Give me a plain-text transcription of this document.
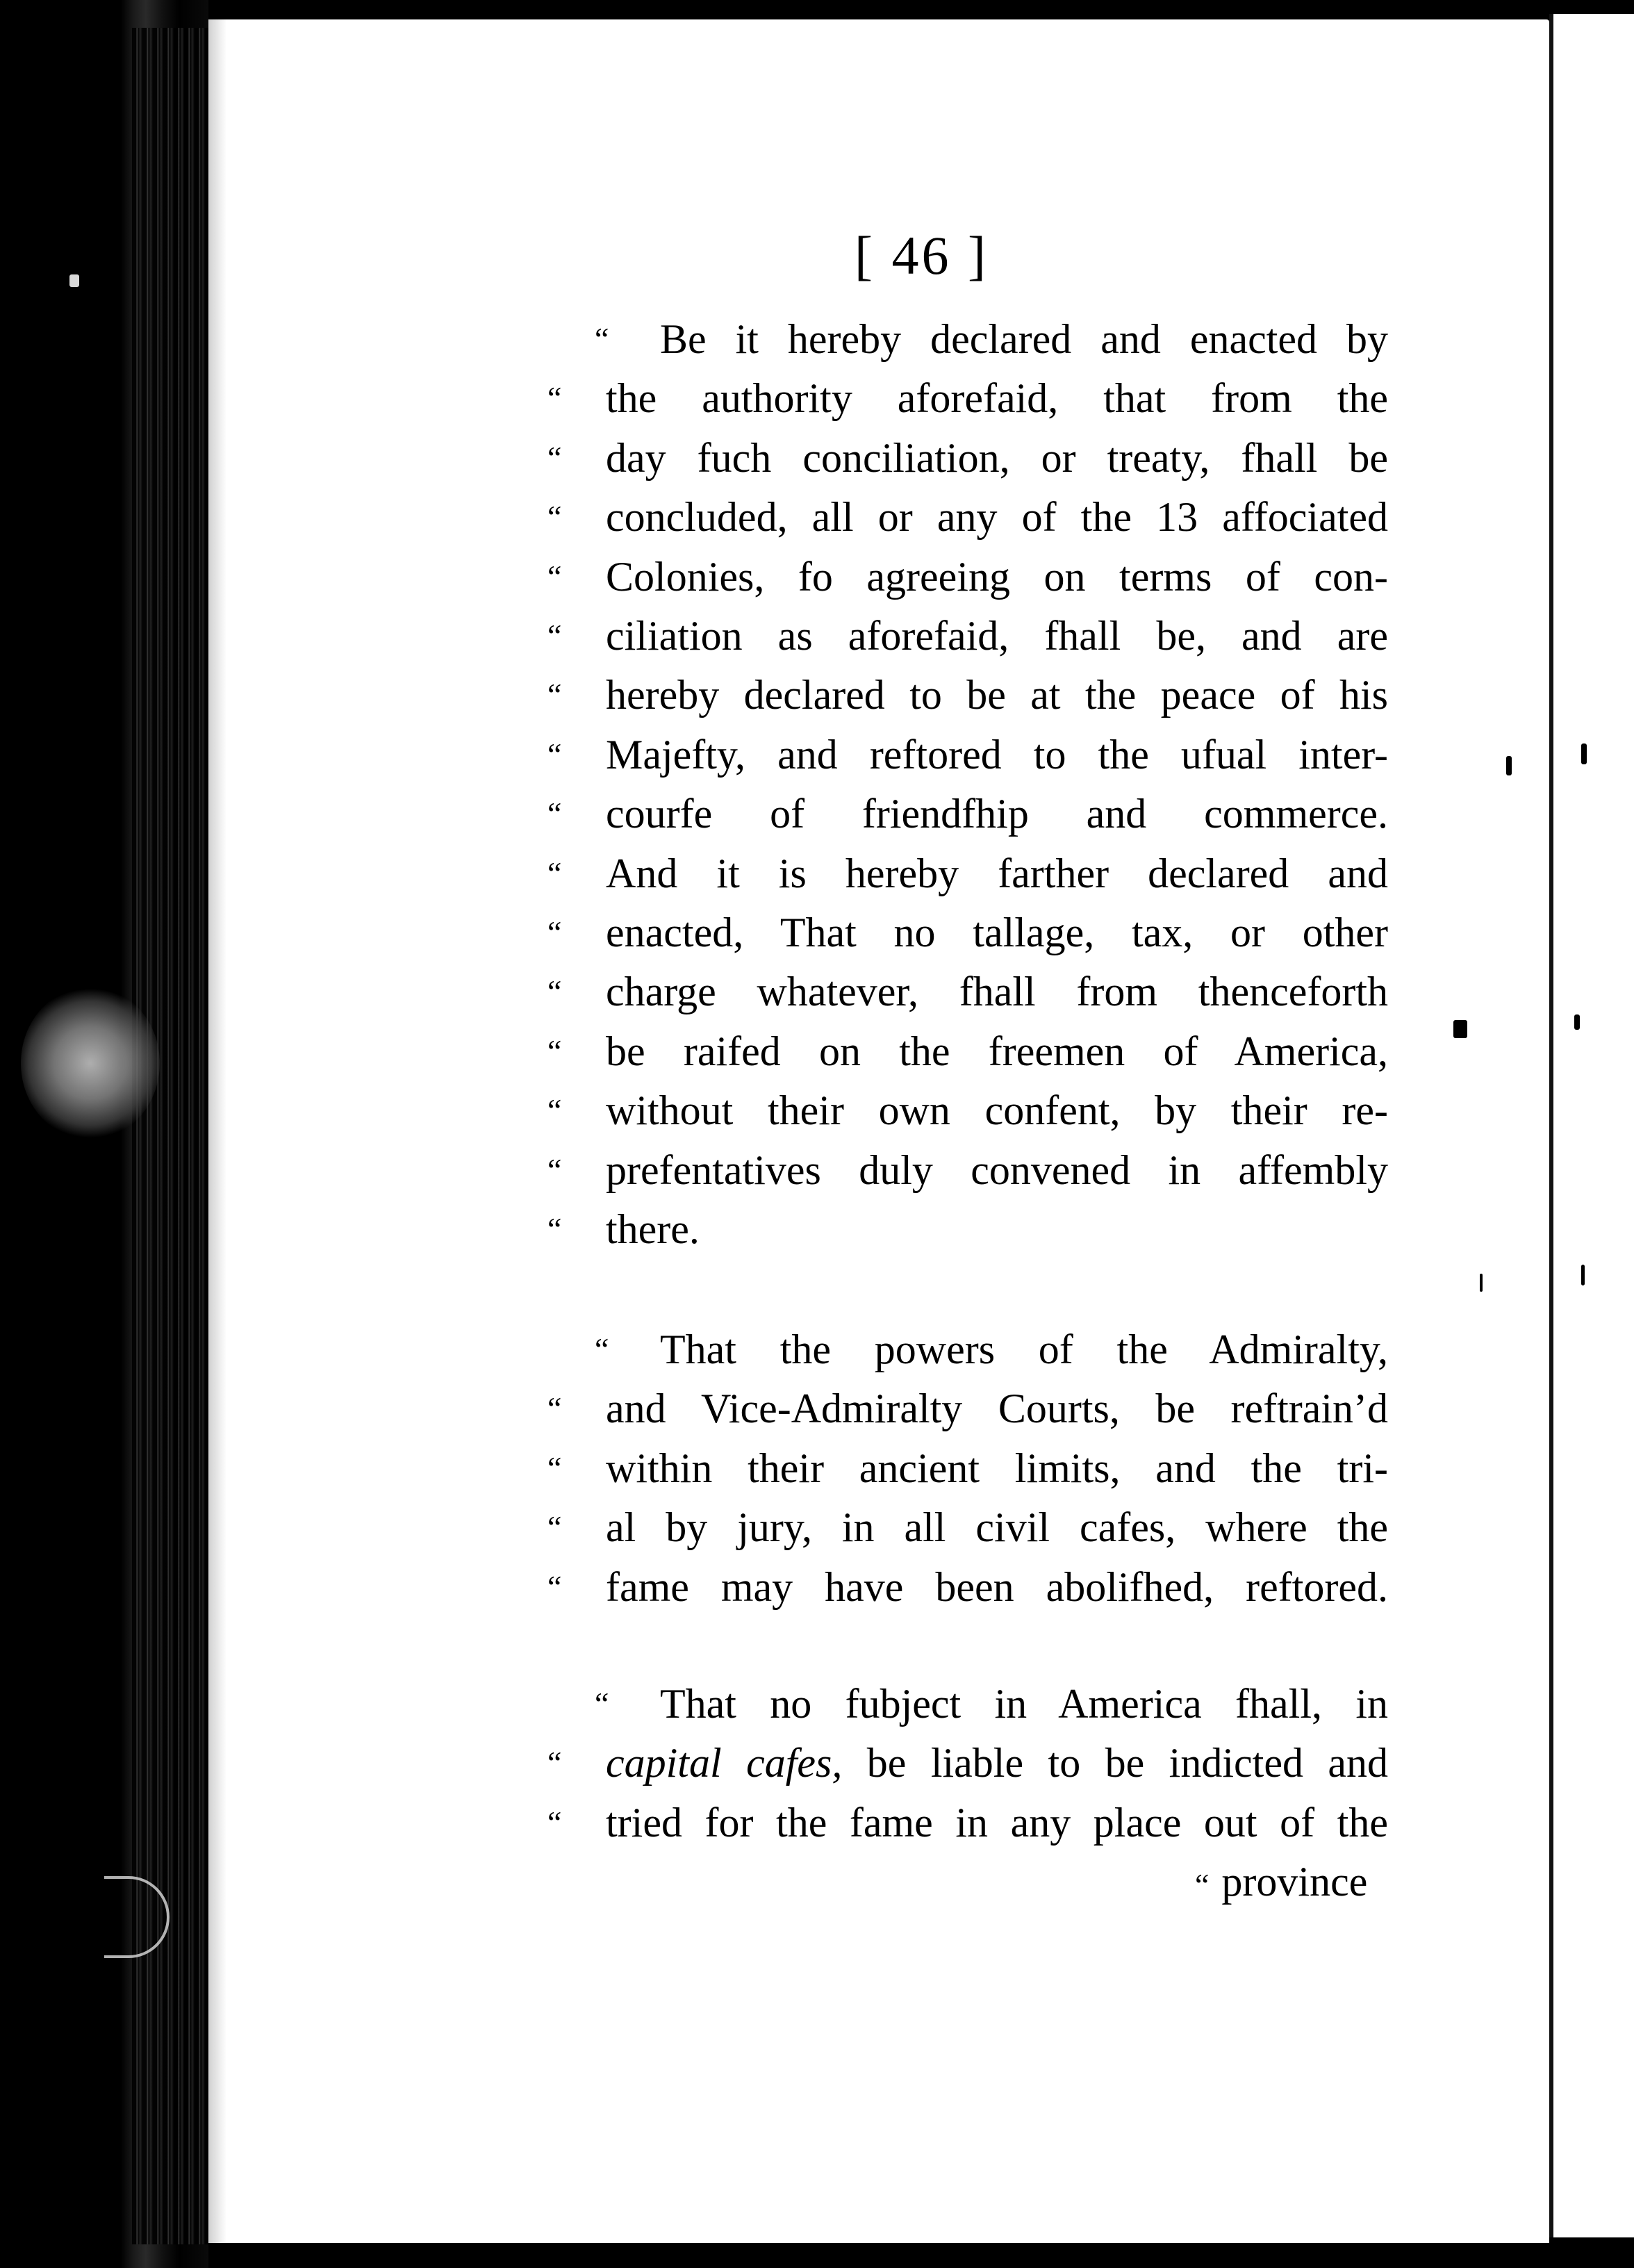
[ 46 ]
“ Be it hereby declared and enacted by
“ the authority aforefaid, that from the
“ day fuch conciliation, or treaty, fhall be
“ concluded, all or any of the 13 affociated
“ Colonies, fo agreeing on terms of con-
“ ciliation as aforefaid, fhall be, and are
“ hereby declared to be at the peace of his
“ Majefty, and reftored to the ufual inter-
“ courfe of friendfhip and commerce.
“ And it is hereby farther declared and
“ enacted, That no tallage, tax, or other
“ charge whatever, fhall from thenceforth
“ be raifed on the freemen of America,
“ without their own confent, by their re-
“ prefentatives duly convened in affembly
“ there.
“ That the powers of the Admiralty,
“ and Vice-Admiralty Courts, be reftrain’d
“ within their ancient limits, and the tri-
“ al by jury, in all civil cafes, where the
“ fame may have been abolifhed, reftored.
“ That no fubject in America fhall, in
“ capital cafes, be liable to be indicted and
“ tried for the fame in any place out of the
“ province
